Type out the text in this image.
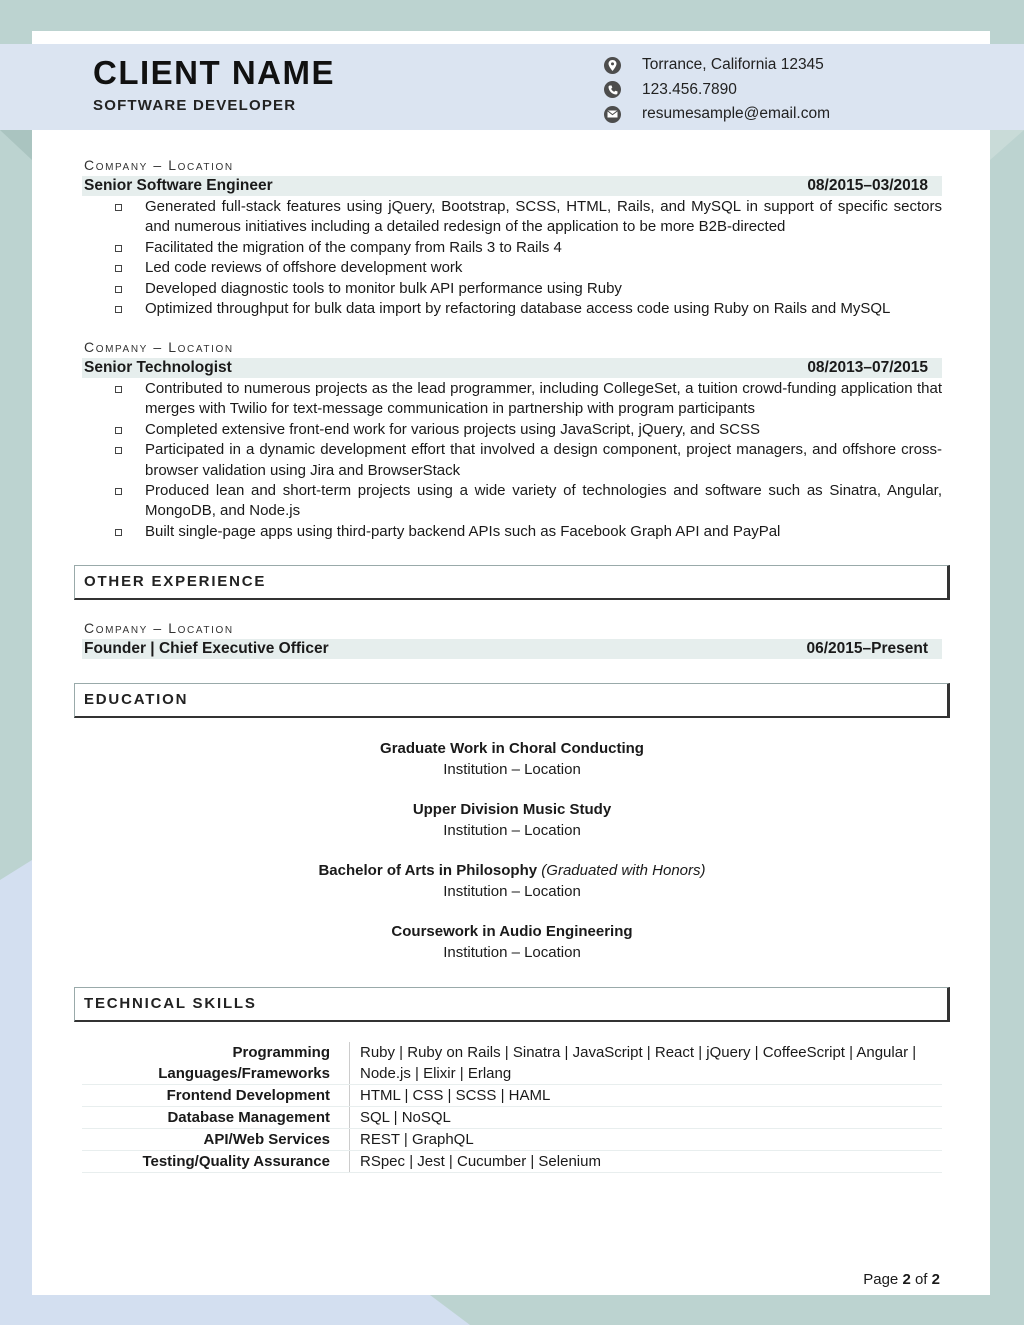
CLIENT NAME
SOFTWARE DEVELOPER
Torrance, California 12345
123.456.7890
resumesample@email.com
Company – Location
Senior Software Engineer	08/2015–03/2018
Generated full-stack features using jQuery, Bootstrap, SCSS, HTML, Rails, and MySQL in support of specific sectors and numerous initiatives including a detailed redesign of the application to be more B2B-directed
Facilitated the migration of the company from Rails 3 to Rails 4
Led code reviews of offshore development work
Developed diagnostic tools to monitor bulk API performance using Ruby
Optimized throughput for bulk data import by refactoring database access code using Ruby on Rails and MySQL
Company – Location
Senior Technologist	08/2013–07/2015
Contributed to numerous projects as the lead programmer, including CollegeSet, a tuition crowd-funding application that merges with Twilio for text-message communication in partnership with program participants
Completed extensive front-end work for various projects using JavaScript, jQuery, and SCSS
Participated in a dynamic development effort that involved a design component, project managers, and offshore cross-browser validation using Jira and BrowserStack
Produced lean and short-term projects using a wide variety of technologies and software such as Sinatra, Angular, MongoDB, and Node.js
Built single-page apps using third-party backend APIs such as Facebook Graph API and PayPal
OTHER EXPERIENCE
Company – Location
Founder | Chief Executive Officer	06/2015–Present
EDUCATION
Graduate Work in Choral Conducting
Institution – Location
Upper Division Music Study
Institution – Location
Bachelor of Arts in Philosophy (Graduated with Honors)
Institution – Location
Coursework in Audio Engineering
Institution – Location
TECHNICAL SKILLS
Programming Languages/Frameworks	Ruby | Ruby on Rails | Sinatra | JavaScript | React | jQuery | CoffeeScript | Angular | Node.js | Elixir | Erlang
Frontend Development	HTML | CSS | SCSS | HAML
Database Management	SQL | NoSQL
API/Web Services	REST | GraphQL
Testing/Quality Assurance	RSpec | Jest | Cucumber | Selenium
Page 2 of 2
